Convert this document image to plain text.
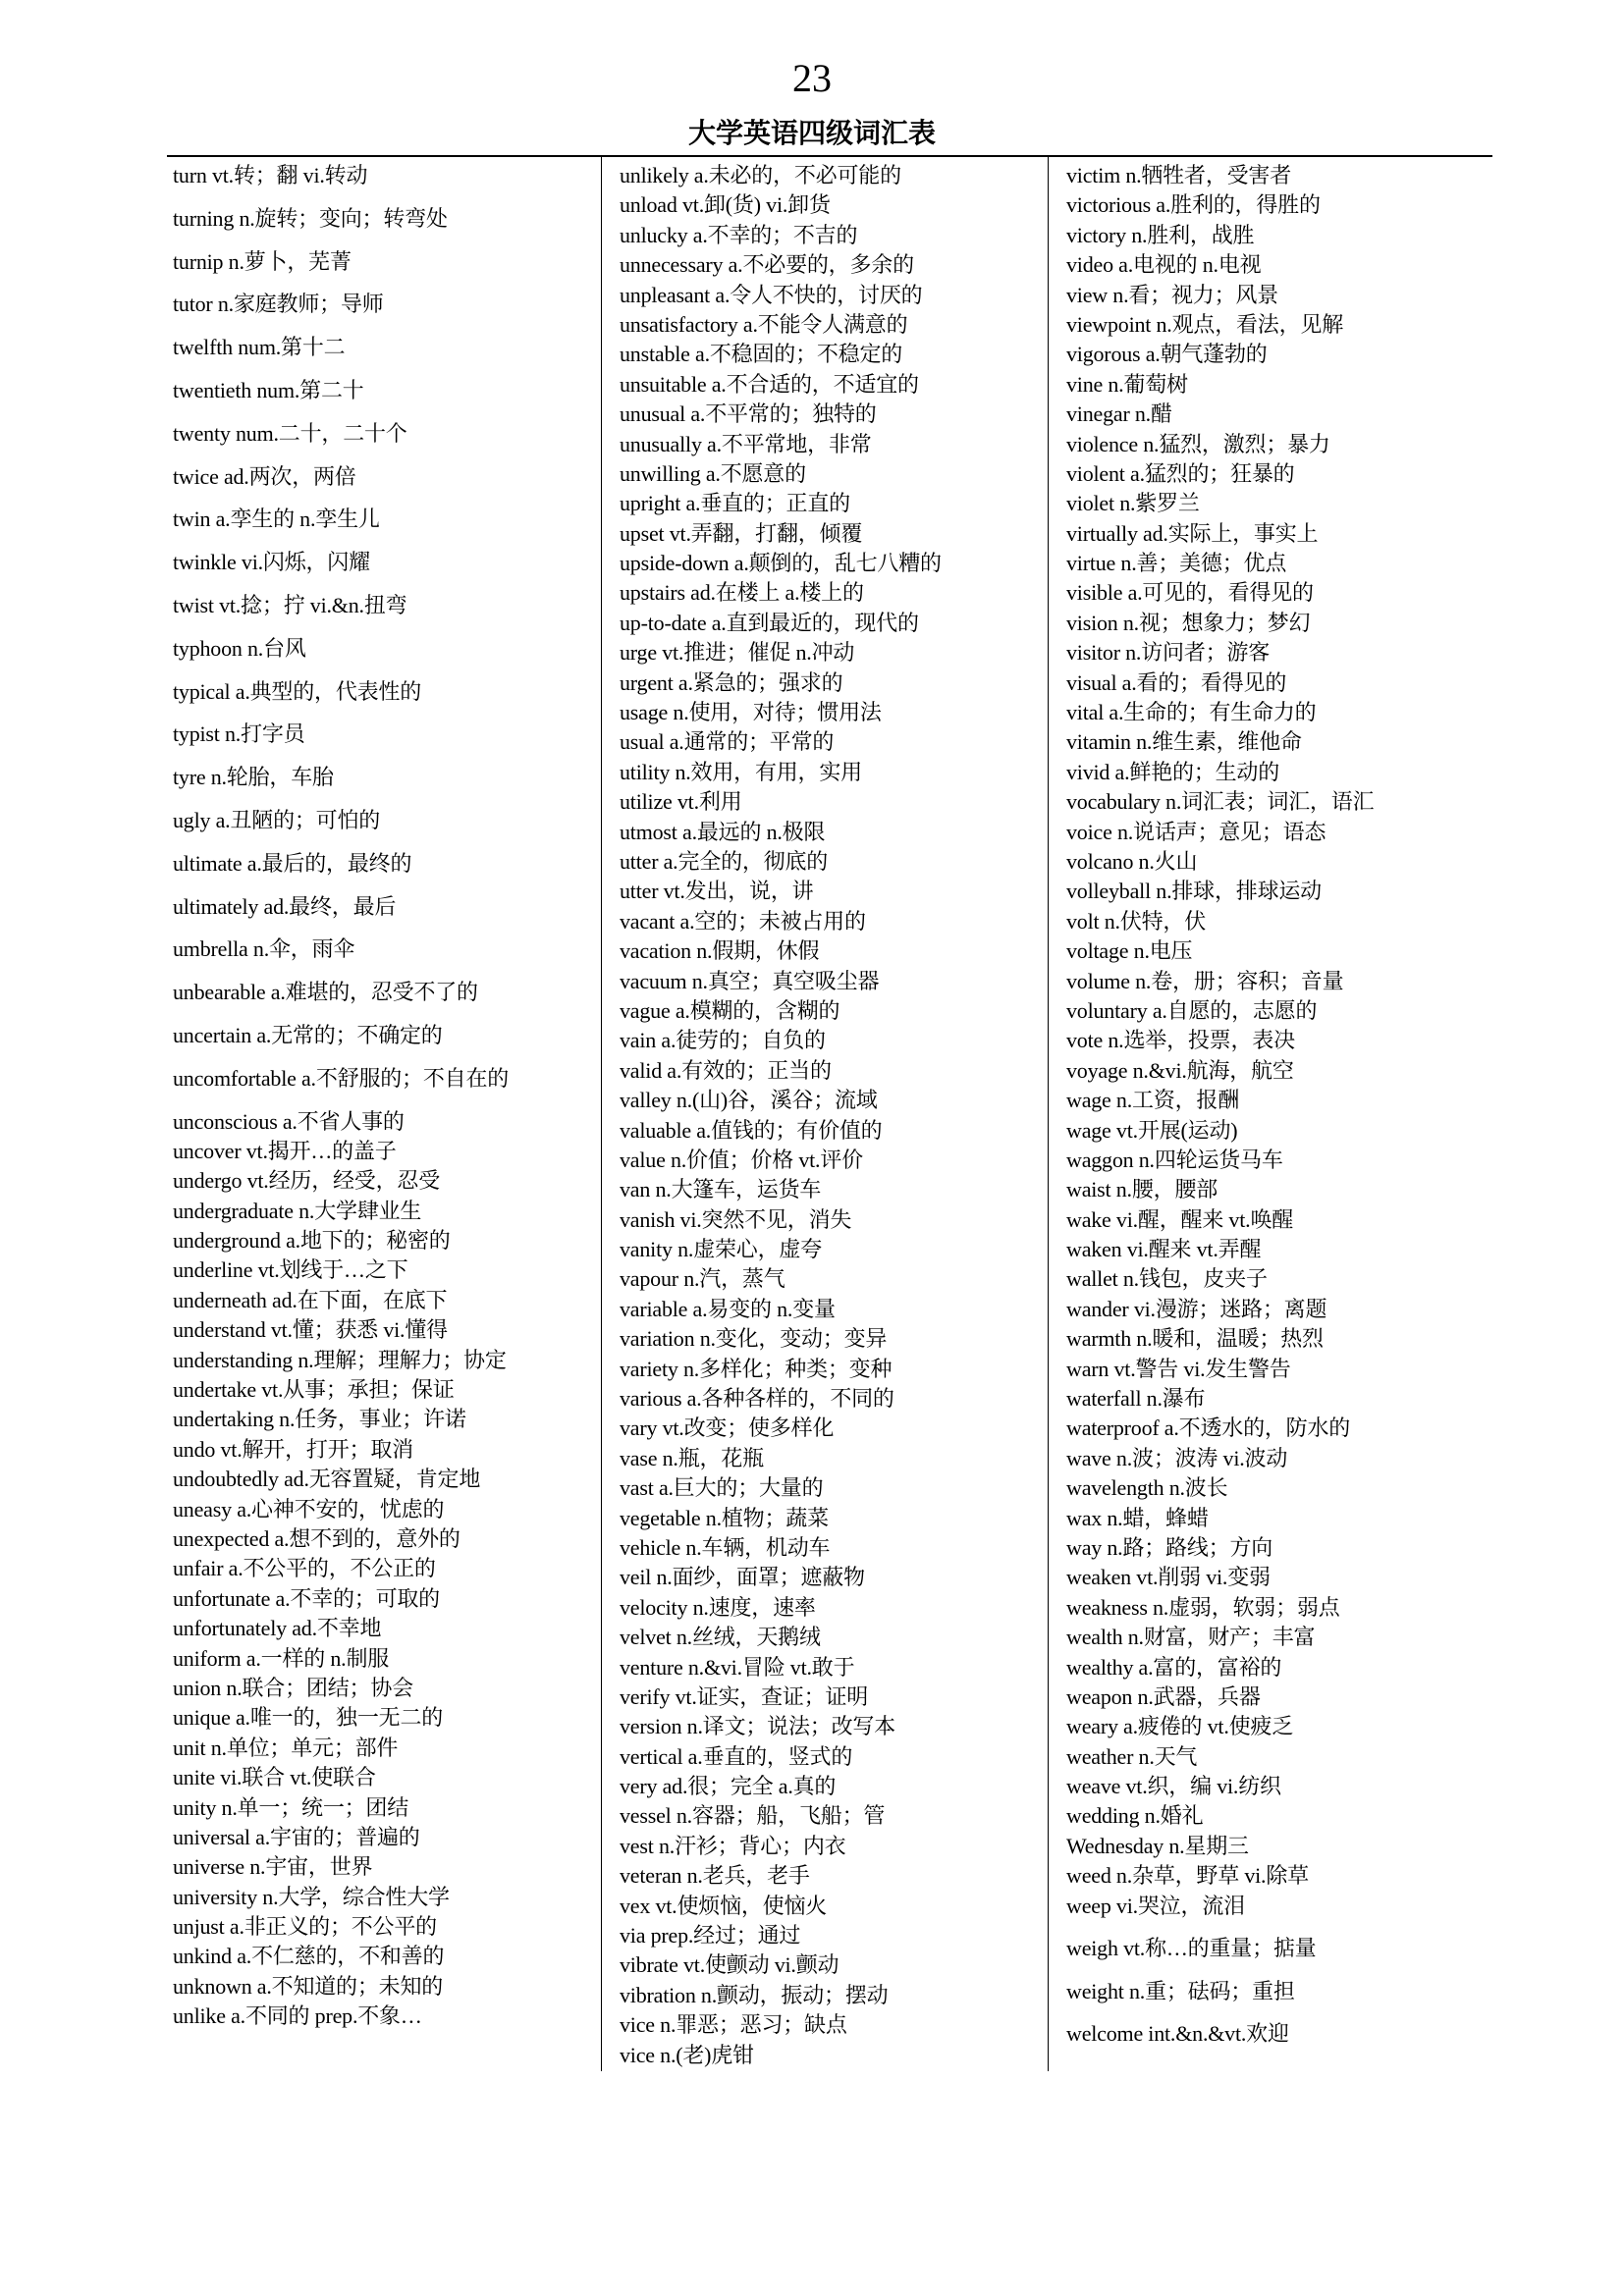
23
大学英语四级词汇表
turn vt.转；翻 vi.转动
turning n.旋转；变向；转弯处
turnip n.萝卜，芜菁
tutor n.家庭教师；导师
twelfth num.第十二
twentieth num.第二十
twenty num.二十，二十个
twice ad.两次，两倍
twin a.孪生的 n.孪生儿
twinkle vi.闪烁，闪耀
twist vt.捻；拧 vi.&n.扭弯
typhoon n.台风
typical a.典型的，代表性的
typist n.打字员
tyre n.轮胎，车胎
ugly a.丑陋的；可怕的
ultimate a.最后的，最终的
ultimately ad.最终，最后
umbrella n.伞，雨伞
unbearable a.难堪的，忍受不了的
uncertain a.无常的；不确定的
uncomfortable a.不舒服的；不自在的
unconscious a.不省人事的
uncover vt.揭开…的盖子
undergo vt.经历，经受，忍受
undergraduate n.大学肆业生
underground a.地下的；秘密的
underline vt.划线于…之下
underneath ad.在下面，在底下
understand vt.懂；获悉 vi.懂得
understanding n.理解；理解力；协定
undertake vt.从事；承担；保证
undertaking n.任务，事业；许诺
undo vt.解开，打开；取消
undoubtedly ad.无容置疑，肯定地
uneasy a.心神不安的，忧虑的
unexpected a.想不到的，意外的
unfair a.不公平的，不公正的
unfortunate a.不幸的；可取的
unfortunately ad.不幸地
uniform a.一样的 n.制服
union n.联合；团结；协会
unique a.唯一的，独一无二的
unit n.单位；单元；部件
unite vi.联合 vt.使联合
unity n.单一；统一；团结
universal a.宇宙的；普遍的
universe n.宇宙，世界
university n.大学，综合性大学
unjust a.非正义的；不公平的
unkind a.不仁慈的，不和善的
unknown a.不知道的；未知的
unlike a.不同的 prep.不象…
unlikely a.未必的，不必可能的
unload vt.卸(货) vi.卸货
unlucky a.不幸的；不吉的
unnecessary a.不必要的，多余的
unpleasant a.令人不快的，讨厌的
unsatisfactory a.不能令人满意的
unstable a.不稳固的；不稳定的
unsuitable a.不合适的，不适宜的
unusual a.不平常的；独特的
unusually a.不平常地，非常
unwilling a.不愿意的
upright a.垂直的；正直的
upset vt.弄翻，打翻，倾覆
upside-down a.颠倒的，乱七八糟的
upstairs ad.在楼上 a.楼上的
up-to-date a.直到最近的，现代的
urge vt.推进；催促 n.冲动
urgent a.紧急的；强求的
usage n.使用，对待；惯用法
usual a.通常的；平常的
utility n.效用，有用，实用
utilize vt.利用
utmost a.最远的 n.极限
utter a.完全的，彻底的
utter vt.发出，说，讲
vacant a.空的；未被占用的
vacation n.假期，休假
vacuum n.真空；真空吸尘器
vague a.模糊的，含糊的
vain a.徒劳的；自负的
valid a.有效的；正当的
valley n.(山)谷，溪谷；流域
valuable a.值钱的；有价值的
value n.价值；价格 vt.评价
van n.大篷车，运货车
vanish vi.突然不见，消失
vanity n.虚荣心，虚夸
vapour n.汽，蒸气
variable a.易变的 n.变量
variation n.变化，变动；变异
variety n.多样化；种类；变种
various a.各种各样的，不同的
vary vt.改变；使多样化
vase n.瓶，花瓶
vast a.巨大的；大量的
vegetable n.植物；蔬菜
vehicle n.车辆，机动车
veil n.面纱，面罩；遮蔽物
velocity n.速度，速率
velvet n.丝绒，天鹅绒
venture n.&vi.冒险 vt.敢于
verify vt.证实，查证；证明
version n.译文；说法；改写本
vertical a.垂直的，竖式的
very ad.很；完全 a.真的
vessel n.容器；船，飞船；管
vest n.汗衫；背心；内衣
veteran n.老兵，老手
vex vt.使烦恼，使恼火
via prep.经过；通过
vibrate vt.使颤动 vi.颤动
vibration n.颤动，振动；摆动
vice n.罪恶；恶习；缺点
vice n.(老)虎钳
victim n.牺牲者，受害者
victorious a.胜利的，得胜的
victory n.胜利，战胜
video a.电视的 n.电视
view n.看；视力；风景
viewpoint n.观点，看法，见解
vigorous a.朝气蓬勃的
vine n.葡萄树
vinegar n.醋
violence n.猛烈，激烈；暴力
violent a.猛烈的；狂暴的
violet n.紫罗兰
virtually ad.实际上，事实上
virtue n.善；美德；优点
visible a.可见的，看得见的
vision n.视；想象力；梦幻
visitor n.访问者；游客
visual a.看的；看得见的
vital a.生命的；有生命力的
vitamin n.维生素，维他命
vivid a.鲜艳的；生动的
vocabulary n.词汇表；词汇，语汇
voice n.说话声；意见；语态
volcano n.火山
volleyball n.排球，排球运动
volt n.伏特，伏
voltage n.电压
volume n.卷，册；容积；音量
voluntary a.自愿的，志愿的
vote n.选举，投票，表决
voyage n.&vi.航海，航空
wage n.工资，报酬
wage vt.开展(运动)
waggon n.四轮运货马车
waist n.腰，腰部
wake vi.醒，醒来 vt.唤醒
waken vi.醒来 vt.弄醒
wallet n.钱包，皮夹子
wander vi.漫游；迷路；离题
warmth n.暖和，温暖；热烈
warn vt.警告 vi.发生警告
waterfall n.瀑布
waterproof a.不透水的，防水的
wave n.波；波涛 vi.波动
wavelength n.波长
wax n.蜡，蜂蜡
way n.路；路线；方向
weaken vt.削弱 vi.变弱
weakness n.虚弱，软弱；弱点
wealth n.财富，财产；丰富
wealthy a.富的，富裕的
weapon n.武器，兵器
weary a.疲倦的 vt.使疲乏
weather n.天气
weave vt.织，编 vi.纺织
wedding n.婚礼
Wednesday n.星期三
weed n.杂草，野草 vi.除草
weep vi.哭泣，流泪
weigh vt.称…的重量；掂量
weight n.重；砝码；重担
welcome int.&n.&vt.欢迎
